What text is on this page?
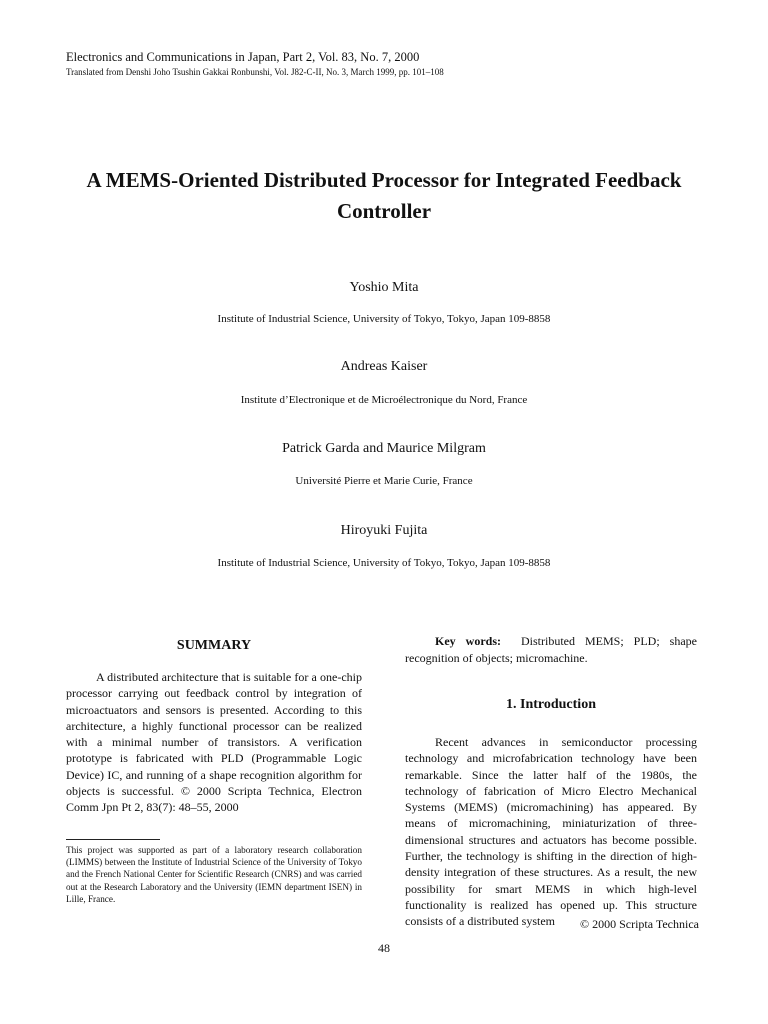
Electronics and Communications in Japan, Part 2, Vol. 83, No. 7, 2000
Translated from Denshi Joho Tsushin Gakkai Ronbunshi, Vol. J82-C-II, No. 3, March 1999, pp. 101–108
A MEMS-Oriented Distributed Processor for Integrated Feedback Controller
Yoshio Mita
Institute of Industrial Science, University of Tokyo, Tokyo, Japan 109-8858
Andreas Kaiser
Institute d’Electronique et de Microélectronique du Nord, France
Patrick Garda and Maurice Milgram
Université Pierre et Marie Curie, France
Hiroyuki Fujita
Institute of Industrial Science, University of Tokyo, Tokyo, Japan 109-8858
SUMMARY

A distributed architecture that is suitable for a one-chip processor carrying out feedback control by integration of microactuators and sensors is presented. According to this architecture, a highly functional processor can be realized with a minimal number of transistors. A verification prototype is fabricated with PLD (Programmable Logic Device) IC, and running of a shape recognition algorithm for objects is successful. © 2000 Scripta Technica, Electron Comm Jpn Pt 2, 83(7): 48–55, 2000

This project was supported as part of a laboratory research collaboration (LIMMS) between the Institute of Industrial Science of the University of Tokyo and the French National Center for Scientific Research (CNRS) and was carried out at the Research Laboratory and the University (IEMN department ISEN) in Lille, France.
Key words: Distributed MEMS; PLD; shape recognition of objects; micromachine.
1. Introduction

Recent advances in semiconductor processing technology and microfabrication technology have been remarkable. Since the latter half of the 1980s, the technology of fabrication of Micro Electro Mechanical Systems (MEMS) (micromachining) has appeared. By means of micromachining, miniaturization of three-dimensional structures and actuators has become possible. Further, the technology is shifting in the direction of high-density integration of these structures. As a result, the new possibility for smart MEMS in which high-level functionality is realized has opened up. This structure consists of a distributed system	© 2000 Scripta Technica
48
